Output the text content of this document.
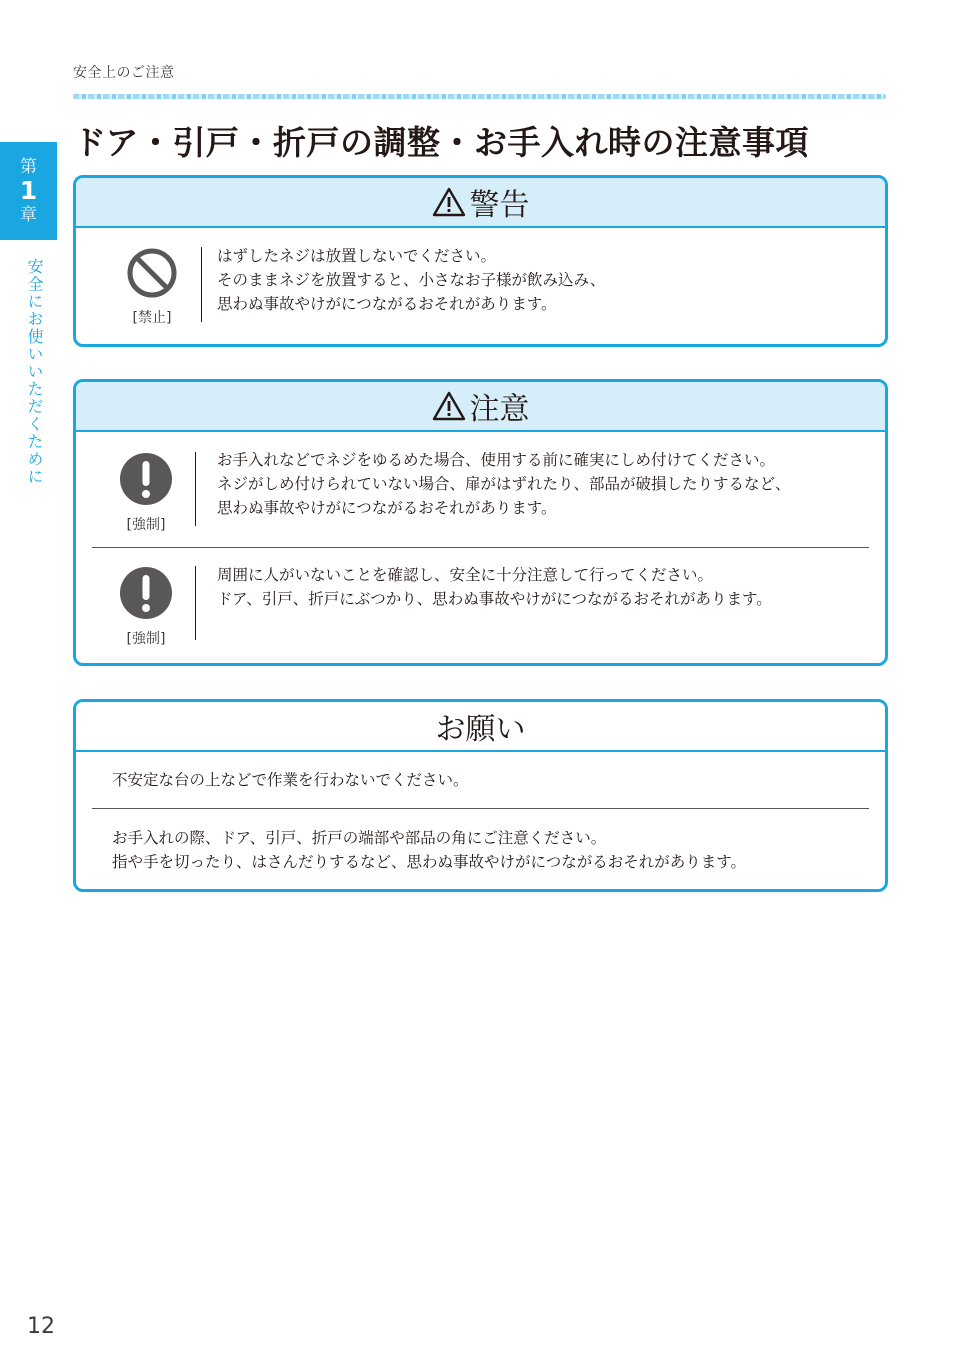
安全上のご注意
第
1
章
安全にお使いいただくために
ドア・引戸・折戸の調整・お手入れ時の注意事項
警告
[禁止]
はずしたネジは放置しないでください。
そのままネジを放置すると、小さなお子様が飲み込み、
思わぬ事故やけがにつながるおそれがあります。
注意
[強制]
お手入れなどでネジをゆるめた場合、使用する前に確実にしめ付けてください。
ネジがしめ付けられていない場合、扉がはずれたり、部品が破損したりするなど、
思わぬ事故やけがにつながるおそれがあります。
[強制]
周囲に人がいないことを確認し、安全に十分注意して行ってください。
ドア、引戸、折戸にぶつかり、思わぬ事故やけがにつながるおそれがあります。
お願い
不安定な台の上などで作業を行わないでください。
お手入れの際、ドア、引戸、折戸の端部や部品の角にご注意ください。
指や手を切ったり、はさんだりするなど、思わぬ事故やけがにつながるおそれがあります。
12
